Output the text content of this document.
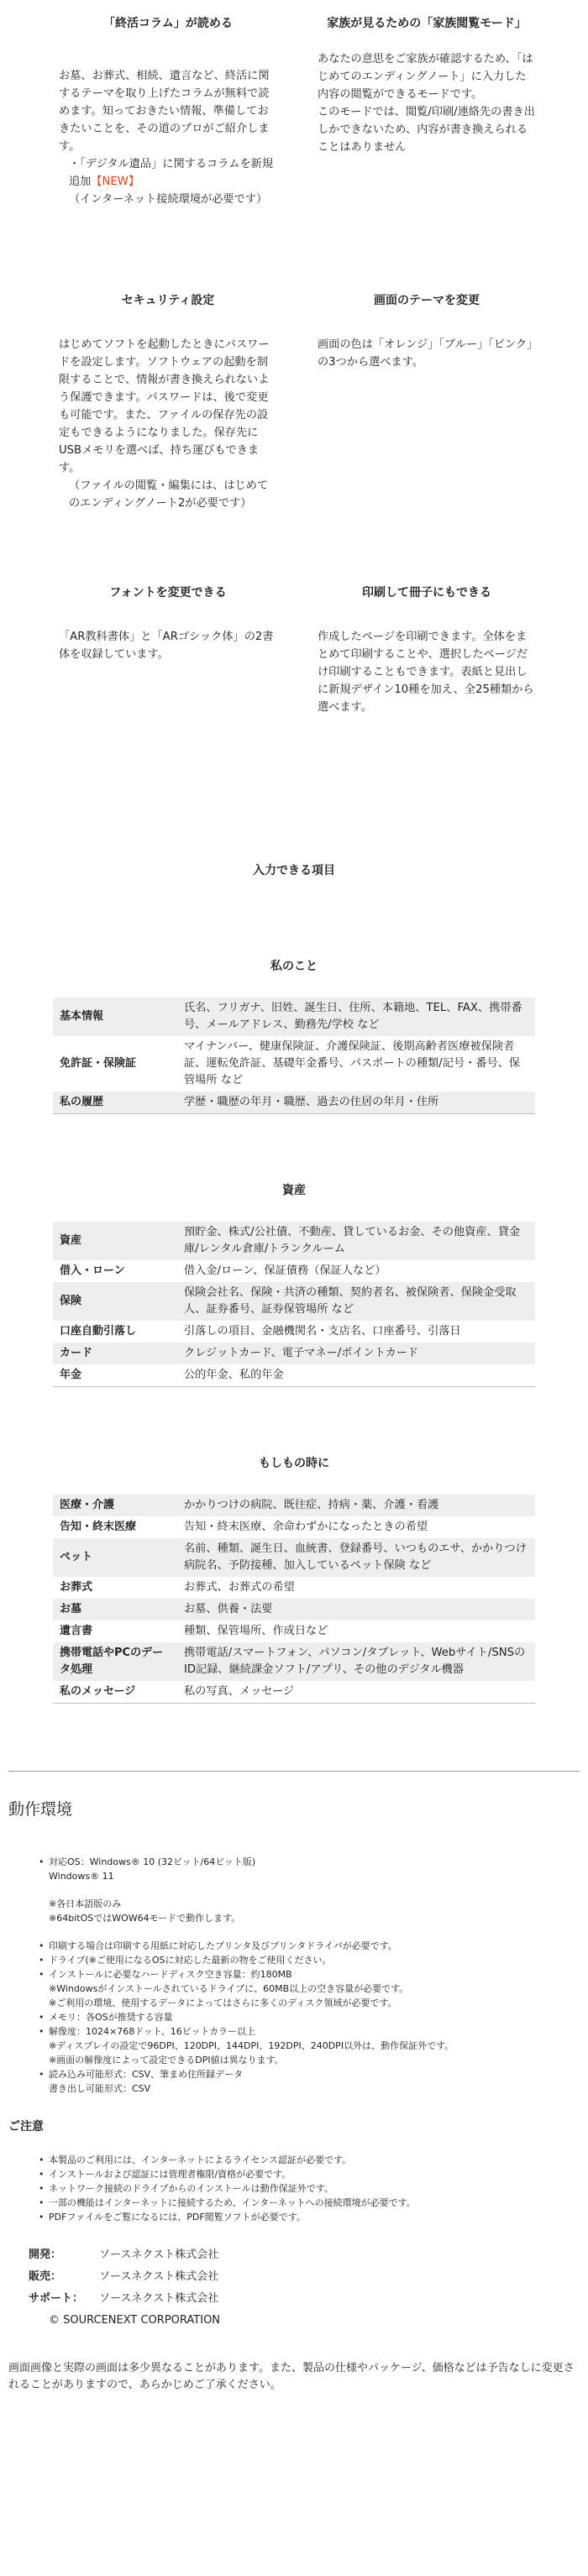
「終活コラム」が読める
お墓、お葬式、相続、遺言など、終活に関するテーマを取り上げたコラムが無料で読めます。知っておきたい情報、準備しておきたいことを、その道のプロがご紹介します。
・「デジタル遺品」に関するコラムを新規追加【NEW】
（インターネット接続環境が必要です）
家族が見るための「家族閲覧モード」
あなたの意思をご家族が確認するため、「はじめてのエンディングノート」に入力した内容の閲覧ができるモードです。
このモードでは、閲覧/印刷/連絡先の書き出しかできないため、内容が書き換えられることはありません
セキュリティ設定
はじめてソフトを起動したときにパスワードを設定します。ソフトウェアの起動を制限することで、情報が書き換えられないよう保護できます。パスワードは、後で変更も可能です。また、ファイルの保存先の設定もできるようになりました。保存先にUSBメモリを選べば、持ち運びもできます。
（ファイルの閲覧・編集には、はじめてのエンディングノート2が必要です）
画面のテーマを変更
画面の色は「オレンジ」「ブルー」「ピンク」の3つから選べます。
フォントを変更できる
「AR教科書体」と「ARゴシック体」の2書体を収録しています。
印刷して冊子にもできる
作成したページを印刷できます。全体をまとめて印刷することや、選択したページだけ印刷することもできます。表紙と見出しに新規デザイン10種を加え、全25種類から選べます。
入力できる項目
私のこと
基本情報	氏名、フリガナ、旧姓、誕生日、住所、本籍地、TEL、FAX、携帯番号、メールアドレス、勤務先/学校 など
免許証・保険証	マイナンバー、健康保険証、介護保険証、後期高齢者医療被保険者証、運転免許証、基礎年金番号、パスポートの種類/記号・番号、保管場所 など
私の履歴	学歴・職歴の年月・職歴、過去の住居の年月・住所
資産
資産	預貯金、株式/公社債、不動産、貸しているお金、その他資産、貸金庫/レンタル倉庫/トランクルーム
借入・ローン	借入金/ローン、保証債務（保証人など）
保険	保険会社名、保険・共済の種類、契約者名、被保険者、保険金受取人、証券番号、証券保管場所 など
口座自動引落し	引落しの項目、金融機関名・支店名、口座番号、引落日
カード	クレジットカード、電子マネー/ポイントカード
年金	公的年金、私的年金
もしもの時に
医療・介護	かかりつけの病院、既往症、持病・薬、介護・看護
告知・終末医療	告知・終末医療、余命わずかになったときの希望
ペット	名前、種類、誕生日、血統書、登録番号、いつものエサ、かかりつけ病院名、予防接種、加入しているペット保険 など
お葬式	お葬式、お葬式の希望
お墓	お墓、供養・法要
遺言書	種類、保管場所、作成日など
携帯電話やPCのデータ処理	携帯電話/スマートフォン、パソコン/タブレット、Webサイト/SNSのID記録、継続課金ソフト/アプリ、その他のデジタル機器
私のメッセージ	私の写真、メッセージ
動作環境
• 対応OS：Windows® 10 (32ビット/64ビット版)
Windows® 11
※各日本語版のみ
※64bitOSではWOW64モードで動作します。
• 印刷する場合は印刷する用紙に対応したプリンタ及びプリンタドライバが必要です。
• ドライブ(※ご使用になるOSに対応した最新の物をご使用ください。
• インストールに必要なハードディスク空き容量：約180MB
※Windowsがインストールされているドライブに、60MB以上の空き容量が必要です。
※ご利用の環境、使用するデータによってはさらに多くのディスク領域が必要です。
• メモリ：各OSが推奨する容量
• 解像度：1024×768ドット、16ビットカラー以上
※ディスプレイの設定で96DPI、120DPI、144DPI、192DPI、240DPI以外は、動作保証外です。
※画面の解像度によって設定できるDPI値は異なります。
• 読み込み可能形式：CSV、筆まめ住所録データ
書き出し可能形式：CSV
ご注意
• 本製品のご利用には、インターネットによるライセンス認証が必要です。
• インストールおよび認証には管理者権限/資格が必要です。
• ネットワーク接続のドライブからのインストールは動作保証外です。
• 一部の機能はインターネットに接続するため、インターネットへの接続環境が必要です。
• PDFファイルをご覧になるには、PDF閲覧ソフトが必要です。
開発：	ソースネクスト株式会社
販売：	ソースネクスト株式会社
サポート：	ソースネクスト株式会社
© SOURCENEXT CORPORATION
画面画像と実際の画面は多少異なることがあります。また、製品の仕様やパッケージ、価格などは予告なしに変更されることがありますので、あらかじめご了承ください。
